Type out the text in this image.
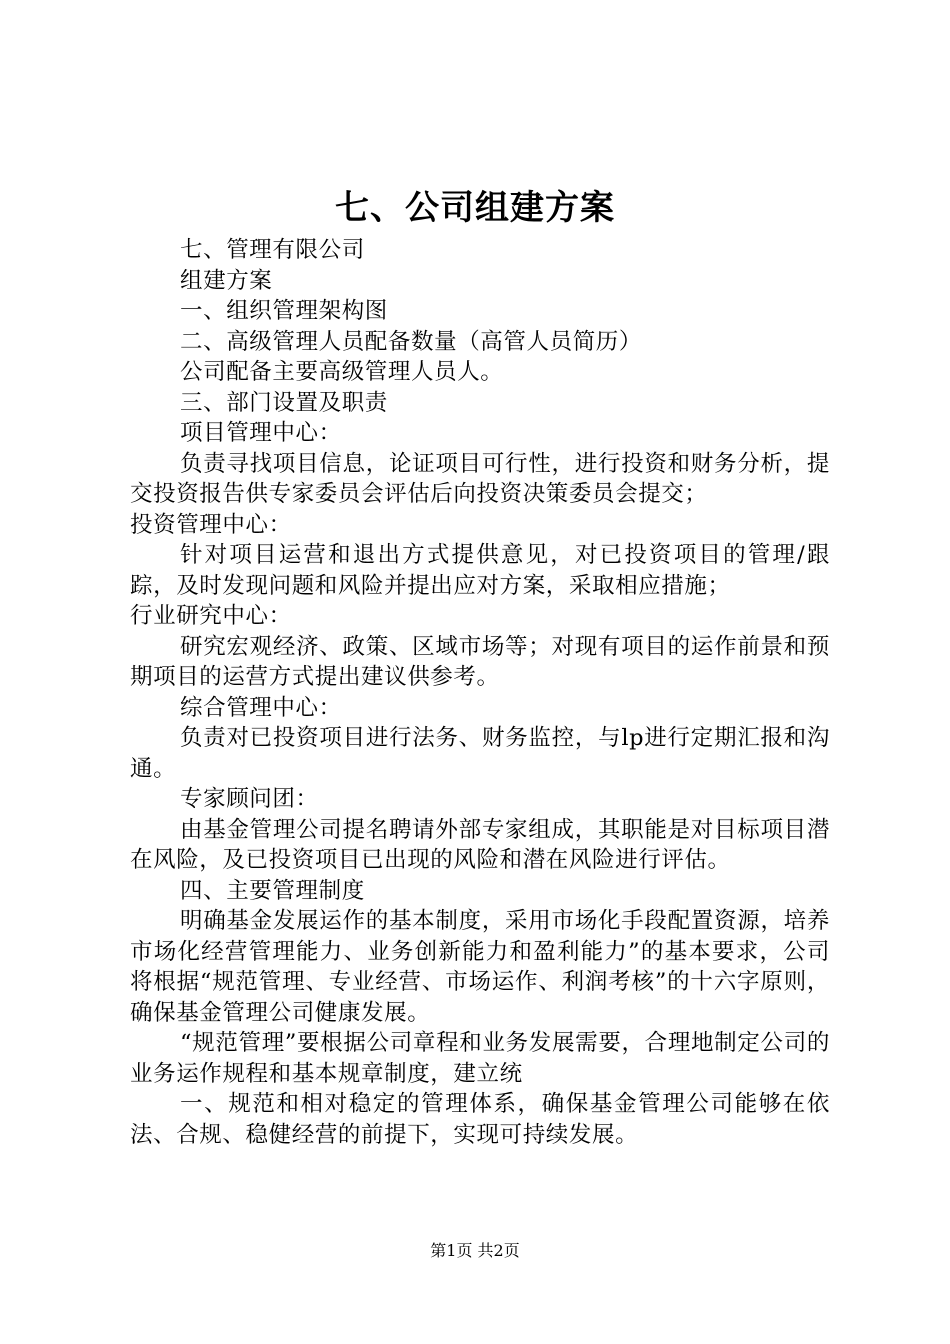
七、公司组建方案

七、管理有限公司

组建方案

一、组织管理架构图

二、高级管理人员配备数量（高管人员简历）

公司配备主要高级管理人员人。

三、部门设置及职责

项目管理中心：

负责寻找项目信息，论证项目可行性，进行投资和财务分析，提交投资报告供专家委员会评估后向投资决策委员会提交；

投资管理中心：

针对项目运营和退出方式提供意见，对已投资项目的管理/跟踪，及时发现问题和风险并提出应对方案，采取相应措施；

行业研究中心：

研究宏观经济、政策、区域市场等；对现有项目的运作前景和预期项目的运营方式提出建议供参考。

综合管理中心：

负责对已投资项目进行法务、财务监控，与lp进行定期汇报和沟通。

专家顾问团：

由基金管理公司提名聘请外部专家组成，其职能是对目标项目潜在风险，及已投资项目已出现的风险和潜在风险进行评估。

四、主要管理制度

明确基金发展运作的基本制度，采用市场化手段配置资源，培养市场化经营管理能力、业务创新能力和盈利能力”的基本要求，公司将根据“规范管理、专业经营、市场运作、利润考核”的十六字原则，确保基金管理公司健康发展。

“规范管理”要根据公司章程和业务发展需要，合理地制定公司的业务运作规程和基本规章制度，建立统

一、规范和相对稳定的管理体系，确保基金管理公司能够在依法、合规、稳健经营的前提下，实现可持续发展。

第1页 共2页
